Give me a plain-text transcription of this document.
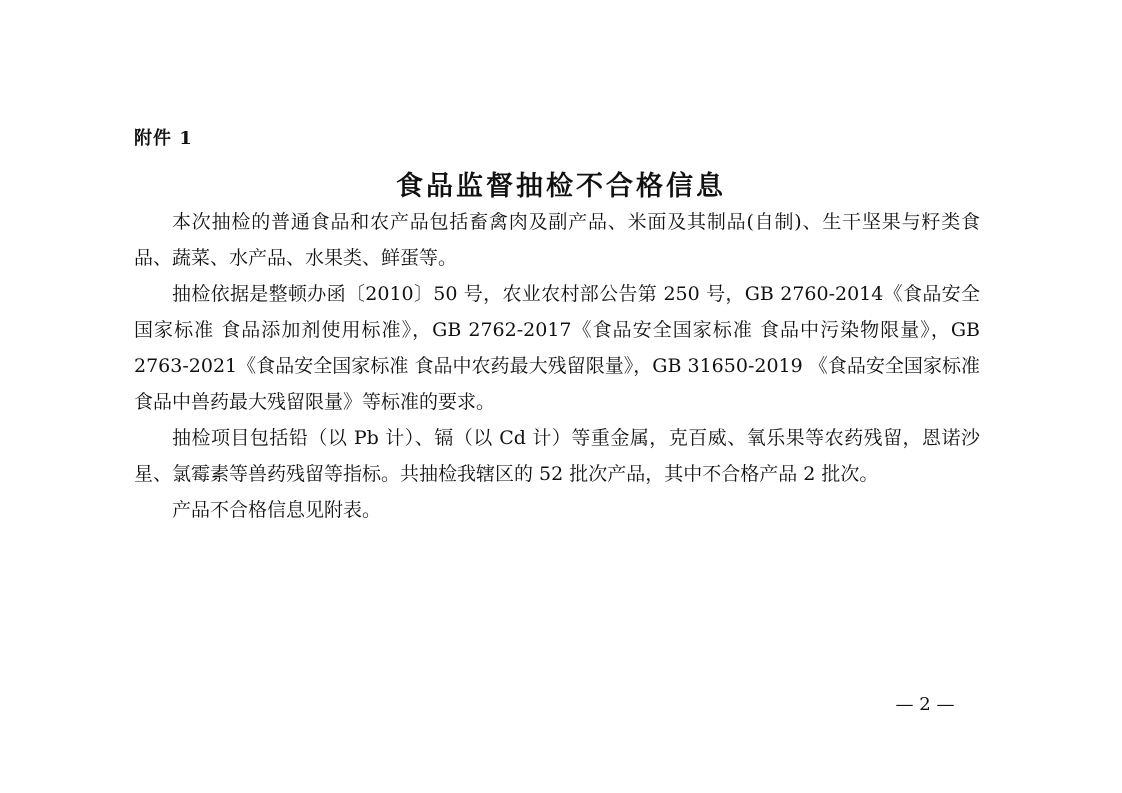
附件 1
食品监督抽检不合格信息

本次抽检的普通食品和农产品包括畜禽肉及副产品、米面及其制品(自制)、生干坚果与籽类食品、蔬菜、水产品、水果类、鲜蛋等。

抽检依据是整顿办函〔2010〕50 号，农业农村部公告第 250 号，GB 2760-2014《食品安全国家标准 食品添加剂使用标准》，GB 2762-2017《食品安全国家标准 食品中污染物限量》，GB 2763-2021《食品安全国家标准 食品中农药最大残留限量》，GB 31650-2019 《食品安全国家标准 食品中兽药最大残留限量》等标准的要求。

抽检项目包括铅（以 Pb 计）、镉（以 Cd 计）等重金属，克百威、氧乐果等农药残留，恩诺沙星、氯霉素等兽药残留等指标。共抽检我辖区的 52 批次产品，其中不合格产品 2 批次。

产品不合格信息见附表。

— 2 —
